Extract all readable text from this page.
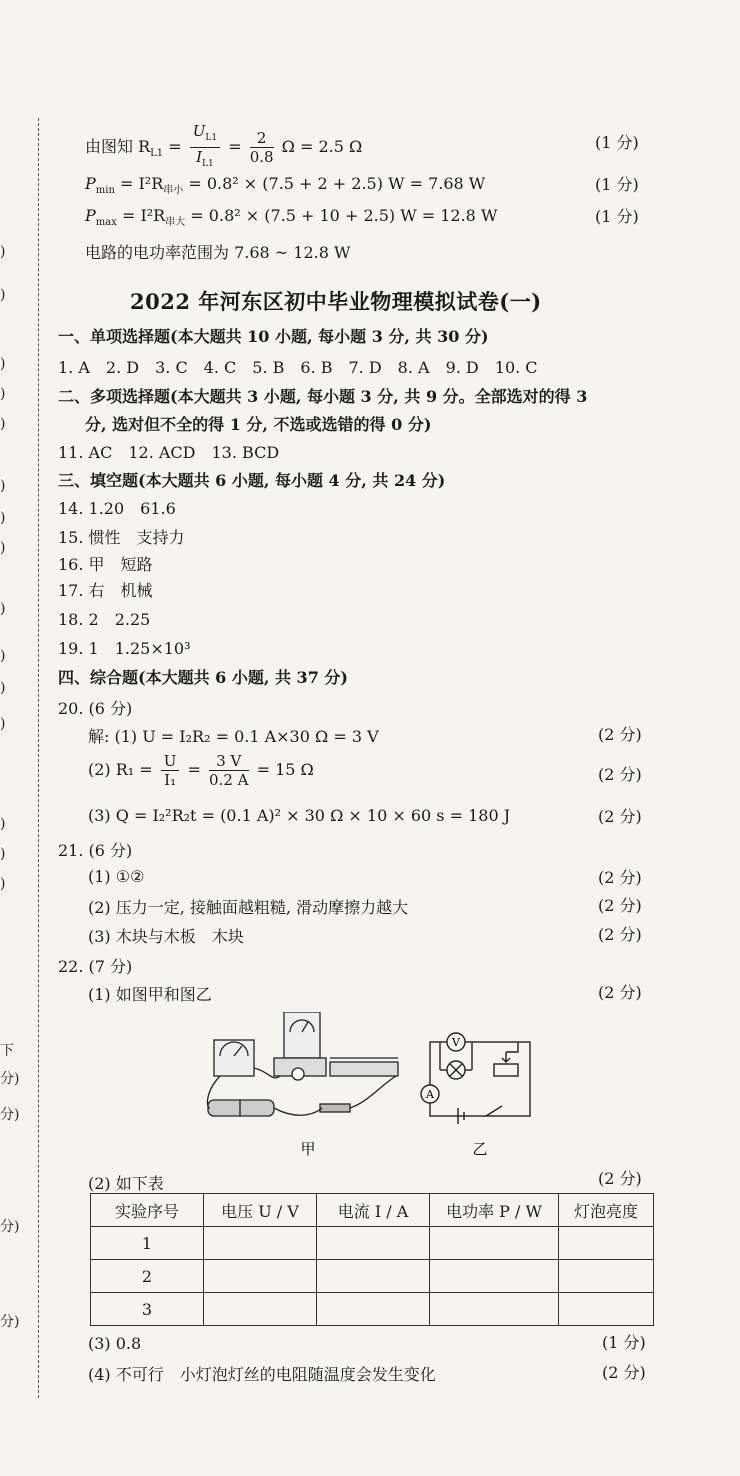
)
)
)
)
)
)
)
)
)
)
)
)
)
)
)
下
分)
分)
分)
分)
由图知 $R_{L1} = \frac{U_{L1}}{I_{L1}} = \frac{2}{0.8}$ Ω = 2.5 Ω	(1 分)
$P_{min} = I^2R_{串小} = 0.8^2 \times (7.5 + 2 + 2.5) W = 7.68$ W	(1 分)
$P_{max} = I^2R_{串大} = 0.8^2 \times (7.5 + 10 + 2.5) W = 12.8$ W	(1 分)
电路的电功率范围为 7.68 ~ 12.8 W
2022 年河东区初中毕业物理模拟试卷(一)
一、单项选择题(本大题共 10 小题, 每小题 3 分, 共 30 分)
1. A　2. D　3. C　4. C　5. B　6. B　7. D　8. A　9. D　10. C
二、多项选择题(本大题共 3 小题, 每小题 3 分, 共 9 分。全部选对的得 3
分, 选对但不全的得 1 分, 不选或选错的得 0 分)
11. AC　12. ACD　13. BCD
三、填空题(本大题共 6 小题, 每小题 4 分, 共 24 分)
14. 1.20　61.6
15. 惯性　支持力
16. 甲　短路
17. 右　机械
18. 2　2.25
19. 1　1.25×10³
四、综合题(本大题共 6 小题, 共 37 分)
20. (6 分)
解: (1) U = I₂R₂ = 0.1 A×30 Ω = 3 V	(2 分)
(2) $R_1 = \frac{U}{\text{I₁}} = \frac{3 V}{0.2 A} = 15$ Ω	(2 分)
(3) Q = I₂²R₂t = (0.1 A)² × 30 Ω × 10 × 60 s = 180 J	(2 分)
21. (6 分)
(1) ①②	(2 分)
(2) 压力一定, 接触面越粗糙, 滑动摩擦力越大	(2 分)
(3) 木块与木板　木块	(2 分)
22. (7 分)
(1) 如图甲和图乙	(2 分)
甲
V
A
乙
(2) 如下表	(2 分)
实验序号	电压 U / V	电流 I / A	电功率 P / W	灯泡亮度
1				
2				
3				
(3) 0.8	(1 分)
(4) 不可行　小灯泡灯丝的电阻随温度会发生变化	(2 分)
